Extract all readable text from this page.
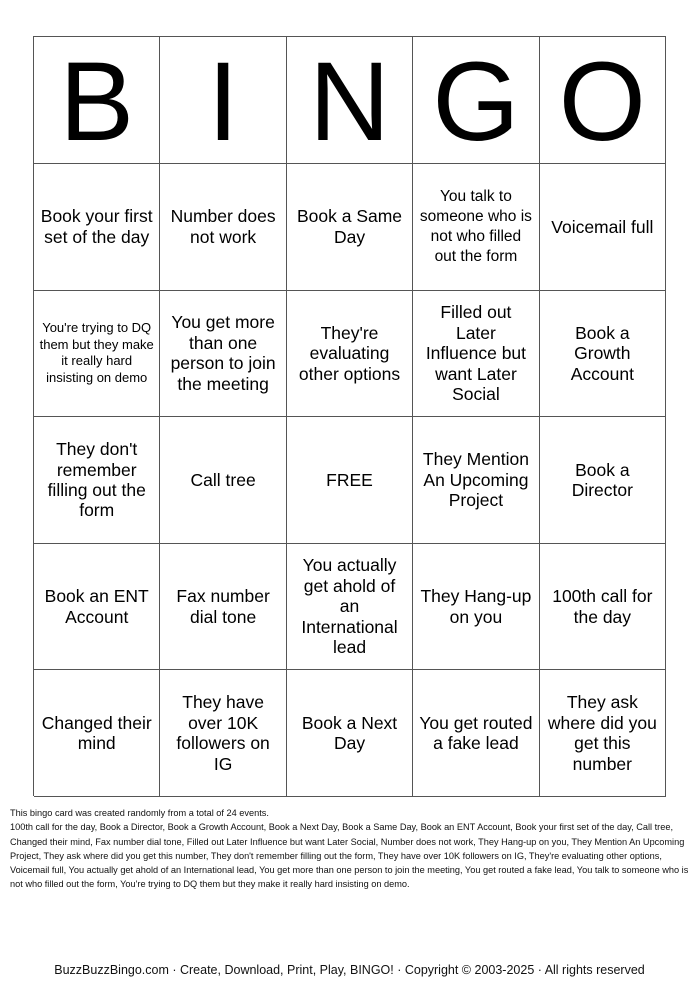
B I N G O
Book your first set of the day
Number does not work
Book a Same Day
You talk to someone who is not who filled out the form
Voicemail full
You're trying to DQ them but they make it really hard insisting on demo
You get more than one person to join the meeting
They're evaluating other options
Filled out Later Influence but want Later Social
Book a Growth Account
They don't remember filling out the form
Call tree	FREE
They Mention An Upcoming Project
Book a Director
Book an ENT Account
Fax number dial tone
You actually get ahold of an International lead
They Hang-up on you
100th call for the day
Changed their mind
They have over 10K followers on IG
Book a Next Day
You get routed a fake lead
They ask where did you get this number
This bingo card was created randomly from a total of 24 events.
100th call for the day, Book a Director, Book a Growth Account, Book a Next Day, Book a Same Day, Book an ENT Account, Book your first set of the day, Call tree, Changed their mind, Fax number dial tone, Filled out Later Influence but want Later Social, Number does not work, They Hang-up on you, They Mention An Upcoming Project, They ask where did you get this number, They don't remember filling out the form, They have over 10K followers on IG, They're evaluating other options, Voicemail full, You actually get ahold of an International lead, You get more than one person to join the meeting, You get routed a fake lead, You talk to someone who is not who filled out the form, You're trying to DQ them but they make it really hard insisting on demo.
BuzzBuzzBingo.com · Create, Download, Print, Play, BINGO! · Copyright © 2003-2025 · All rights reserved
